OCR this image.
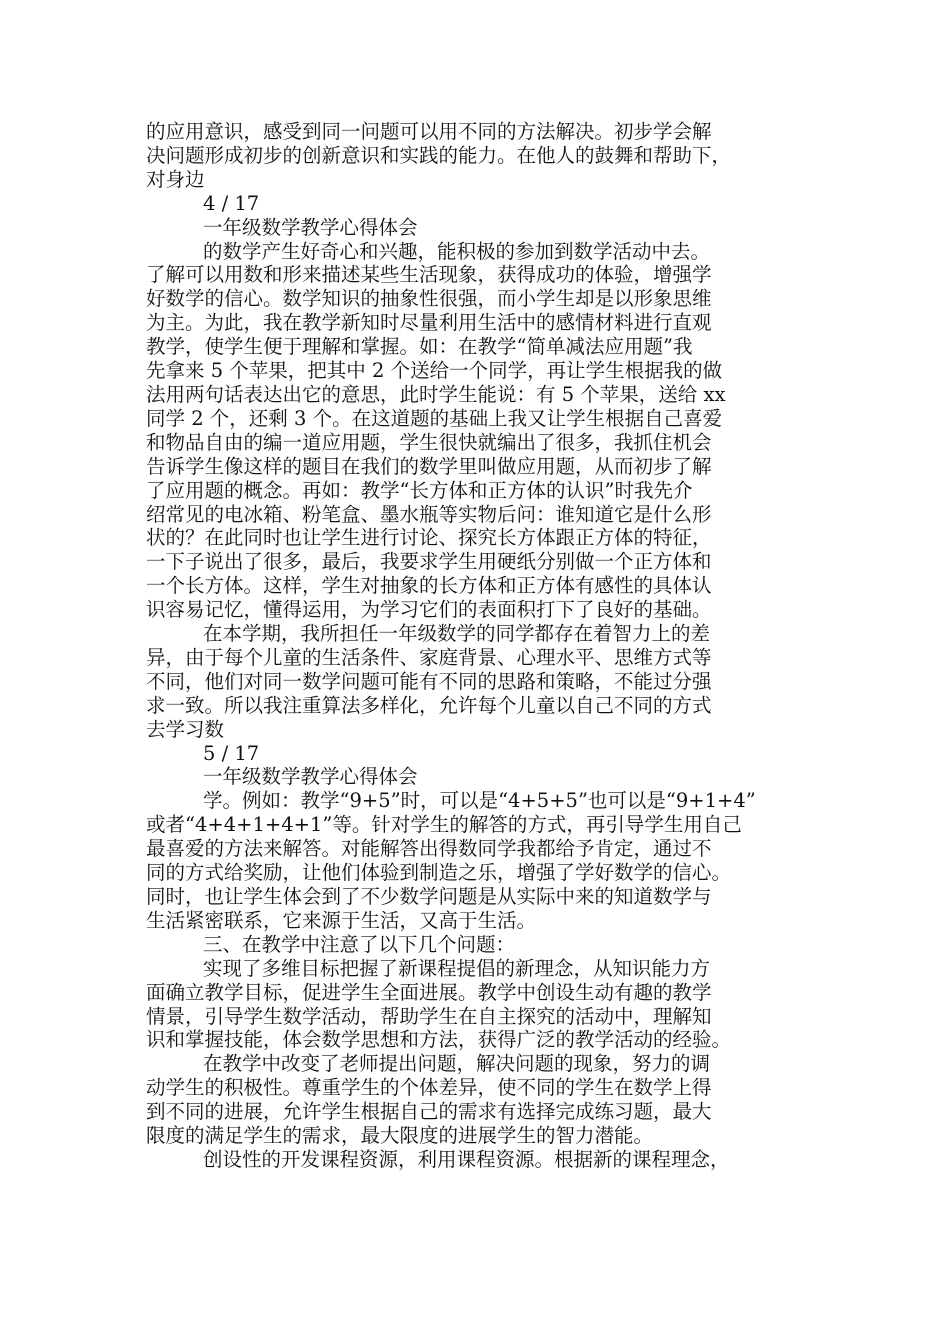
的应用意识，感受到同一问题可以用不同的方法解决。初步学会解
决问题形成初步的创新意识和实践的能力。在他人的鼓舞和帮助下，
对身边
4 / 17
一年级数学教学心得体会
的数学产生好奇心和兴趣，能积极的参加到数学活动中去。
了解可以用数和形来描述某些生活现象，获得成功的体验，增强学
好数学的信心。数学知识的抽象性很强，而小学生却是以形象思维
为主。为此，我在教学新知时尽量利用生活中的感情材料进行直观
教学，使学生便于理解和掌握。如：在教学“简单减法应用题”我
先拿来 5 个苹果，把其中 2 个送给一个同学，再让学生根据我的做
法用两句话表达出它的意思，此时学生能说：有 5 个苹果，送给 xx
同学 2 个，还剩 3 个。在这道题的基础上我又让学生根据自己喜爱
和物品自由的编一道应用题，学生很快就编出了很多，我抓住机会
告诉学生像这样的题目在我们的数学里叫做应用题，从而初步了解
了应用题的概念。再如：教学“长方体和正方体的认识”时我先介
绍常见的电冰箱、粉笔盒、墨水瓶等实物后问：谁知道它是什么形
状的？在此同时也让学生进行讨论、探究长方体跟正方体的特征，
一下子说出了很多，最后，我要求学生用硬纸分别做一个正方体和
一个长方体。这样，学生对抽象的长方体和正方体有感性的具体认
识容易记忆，懂得运用，为学习它们的表面积打下了良好的基础。
在本学期，我所担任一年级数学的同学都存在着智力上的差
异，由于每个儿童的生活条件、家庭背景、心理水平、思维方式等
不同，他们对同一数学问题可能有不同的思路和策略，不能过分强
求一致。所以我注重算法多样化，允许每个儿童以自己不同的方式
去学习数
5 / 17
一年级数学教学心得体会
学。例如：教学“9+5”时，可以是“4+5+5”也可以是“9+1+4”
或者“4+4+1+4+1”等。针对学生的解答的方式，再引导学生用自己
最喜爱的方法来解答。对能解答出得数同学我都给予肯定，通过不
同的方式给奖励，让他们体验到制造之乐，增强了学好数学的信心。
同时，也让学生体会到了不少数学问题是从实际中来的知道数学与
生活紧密联系，它来源于生活，又高于生活。
三、在教学中注意了以下几个问题：
实现了多维目标把握了新课程提倡的新理念，从知识能力方
面确立教学目标，促进学生全面进展。教学中创设生动有趣的教学
情景，引导学生数学活动，帮助学生在自主探究的活动中，理解知
识和掌握技能，体会数学思想和方法，获得广泛的教学活动的经验。
在教学中改变了老师提出问题，解决问题的现象，努力的调
动学生的积极性。尊重学生的个体差异，使不同的学生在数学上得
到不同的进展，允许学生根据自己的需求有选择完成练习题，最大
限度的满足学生的需求，最大限度的进展学生的智力潜能。
创设性的开发课程资源，利用课程资源。根据新的课程理念，
